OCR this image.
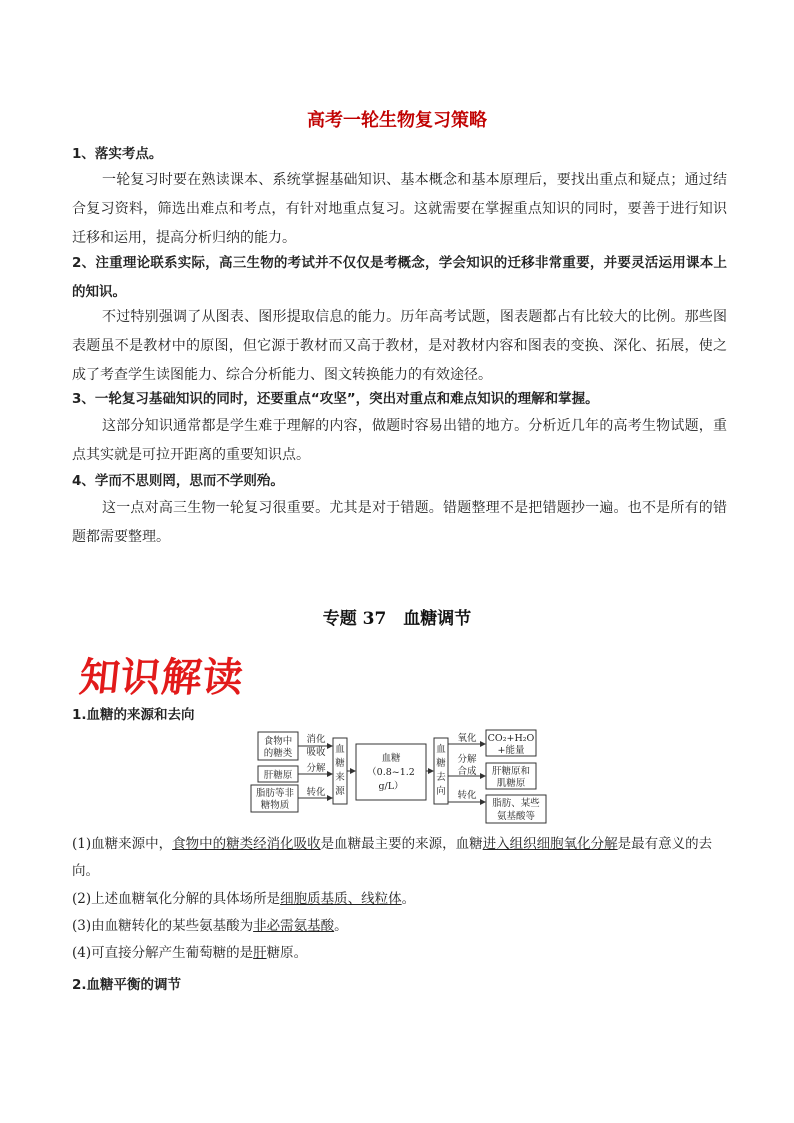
高考一轮生物复习策略
1、落实考点。
一轮复习时要在熟读课本、系统掌握基础知识、基本概念和基本原理后，要找出重点和疑点；通过结合复习资料，筛选出难点和考点，有针对地重点复习。这就需要在掌握重点知识的同时，要善于进行知识迁移和运用，提高分析归纳的能力。
2、注重理论联系实际，高三生物的考试并不仅仅是考概念，学会知识的迁移非常重要，并要灵活运用课本上的知识。
不过特别强调了从图表、图形提取信息的能力。历年高考试题，图表题都占有比较大的比例。那些图表题虽不是教材中的原图，但它源于教材而又高于教材，是对教材内容和图表的变换、深化、拓展，使之成了考查学生读图能力、综合分析能力、图文转换能力的有效途径。
3、一轮复习基础知识的同时，还要重点“攻坚”，突出对重点和难点知识的理解和掌握。
这部分知识通常都是学生难于理解的内容，做题时容易出错的地方。分析近几年的高考生物试题，重点其实就是可拉开距离的重要知识点。
4、学而不思则罔，思而不学则殆。
这一点对高三生物一轮复习很重要。尤其是对于错题。错题整理不是把错题抄一遍。也不是所有的错题都需要整理。
专题 37　血糖调节
知识解读
1.血糖的来源和去向
食物中
的糖类
肝糖原
脂肪等非
糖物质
消化
吸收
分解
转化
血
糖
来
源
血糖
（0.8~1.2
g/L）
血
糖
去
向
氧化
分解
合成
转化
CO₂+H₂O
+能量
肝糖原和
肌糖原
脂肪、某些
氨基酸等
(1)血糖来源中，食物中的糖类经消化吸收是血糖最主要的来源，血糖进入组织细胞氧化分解是最有意义的去向。
(2)上述血糖氧化分解的具体场所是细胞质基质、线粒体。
(3)由血糖转化的某些氨基酸为非必需氨基酸。
(4)可直接分解产生葡萄糖的是肝糖原。
2.血糖平衡的调节
